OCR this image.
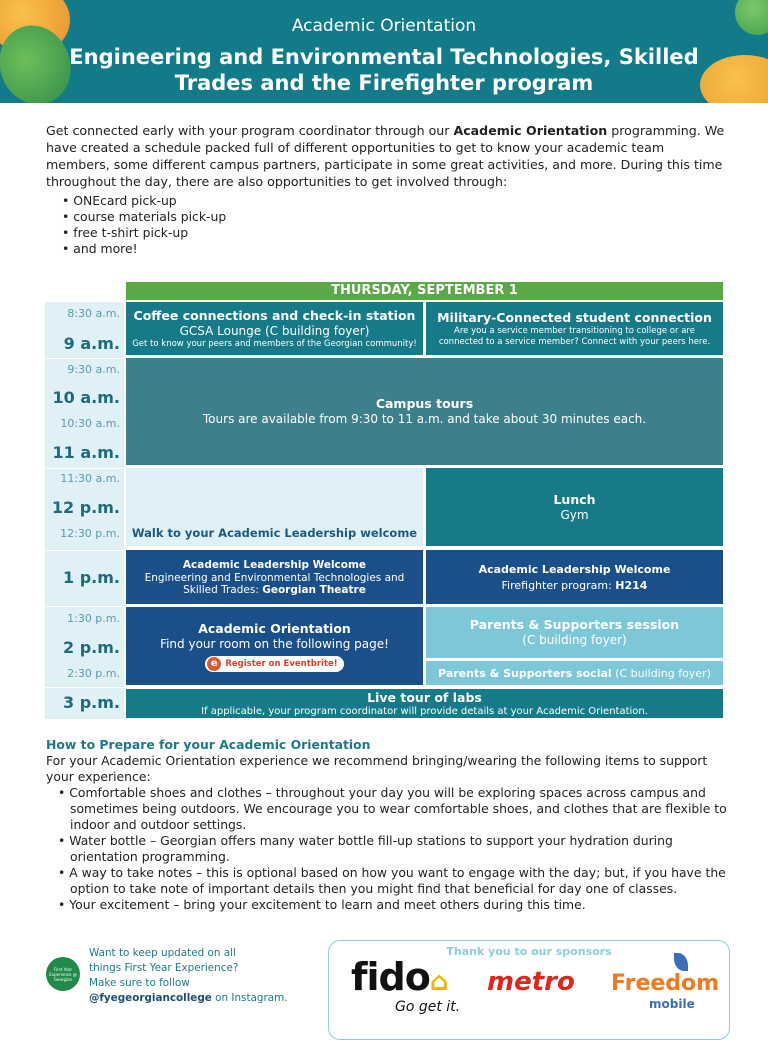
Academic Orientation
Engineering and Environmental Technologies, Skilled Trades and the Firefighter program

Get connected early with your program coordinator through our Academic Orientation programming. We have created a schedule packed full of different opportunities to get to know your academic team members, some different campus partners, participate in some great activities, and more. During this time throughout the day, there are also opportunities to get involved through:

• ONEcard pick-up
• course materials pick-up
• free t-shirt pick-up
• and more!
THURSDAY, SEPTEMBER 1
8:30 a.m.
9 a.m.
9:30 a.m.
10 a.m.
10:30 a.m.
11 a.m.
11:30 a.m.
12 p.m.
12:30 p.m.
1 p.m.
1:30 p.m.
2 p.m.
2:30 p.m.
3 p.m.
Coffee connections and check-in station
GCSA Lounge (C building foyer)
Get to know your peers and members of the Georgian community!
Military-Connected student connection
Are you a service member transitioning to college or are connected to a service member? Connect with your peers here.
Campus tours
Tours are available from 9:30 to 11 a.m. and take about 30 minutes each.
Walk to your Academic Leadership welcome
Lunch
Gym
Academic Leadership Welcome
Engineering and Environmental Technologies and Skilled Trades: Georgian Theatre
Academic Leadership Welcome
Firefighter program: H214
Academic Orientation
Find your room on the following page!
e Register on Eventbrite!
Parents & Supporters session
(C building foyer)
Parents & Supporters social (C building foyer)
Live tour of labs
If applicable, your program coordinator will provide details at your Academic Orientation.
How to Prepare for your Academic Orientation

For your Academic Orientation experience we recommend bringing/wearing the following items to support your experience:

• Comfortable shoes and clothes – throughout your day you will be exploring spaces across campus and sometimes being outdoors. We encourage you to wear comfortable shoes, and clothes that are flexible to indoor and outdoor settings.
• Water bottle – Georgian offers many water bottle fill-up stations to support your hydration during orientation programming.
• A way to take notes – this is optional based on how you want to engage with the day; but, if you have the option to take note of important details then you might find that beneficial for day one of classes.
• Your excitement – bring your excitement to learn and meet others during this time.
First Year Experience @ Georgian
Want to keep updated on all
things First Year Experience?
Make sure to follow
@fyegeorgiancollege on Instagram.
Thank you to our sponsors
fido⌂
Go get it.
metro Freedom
mobile
